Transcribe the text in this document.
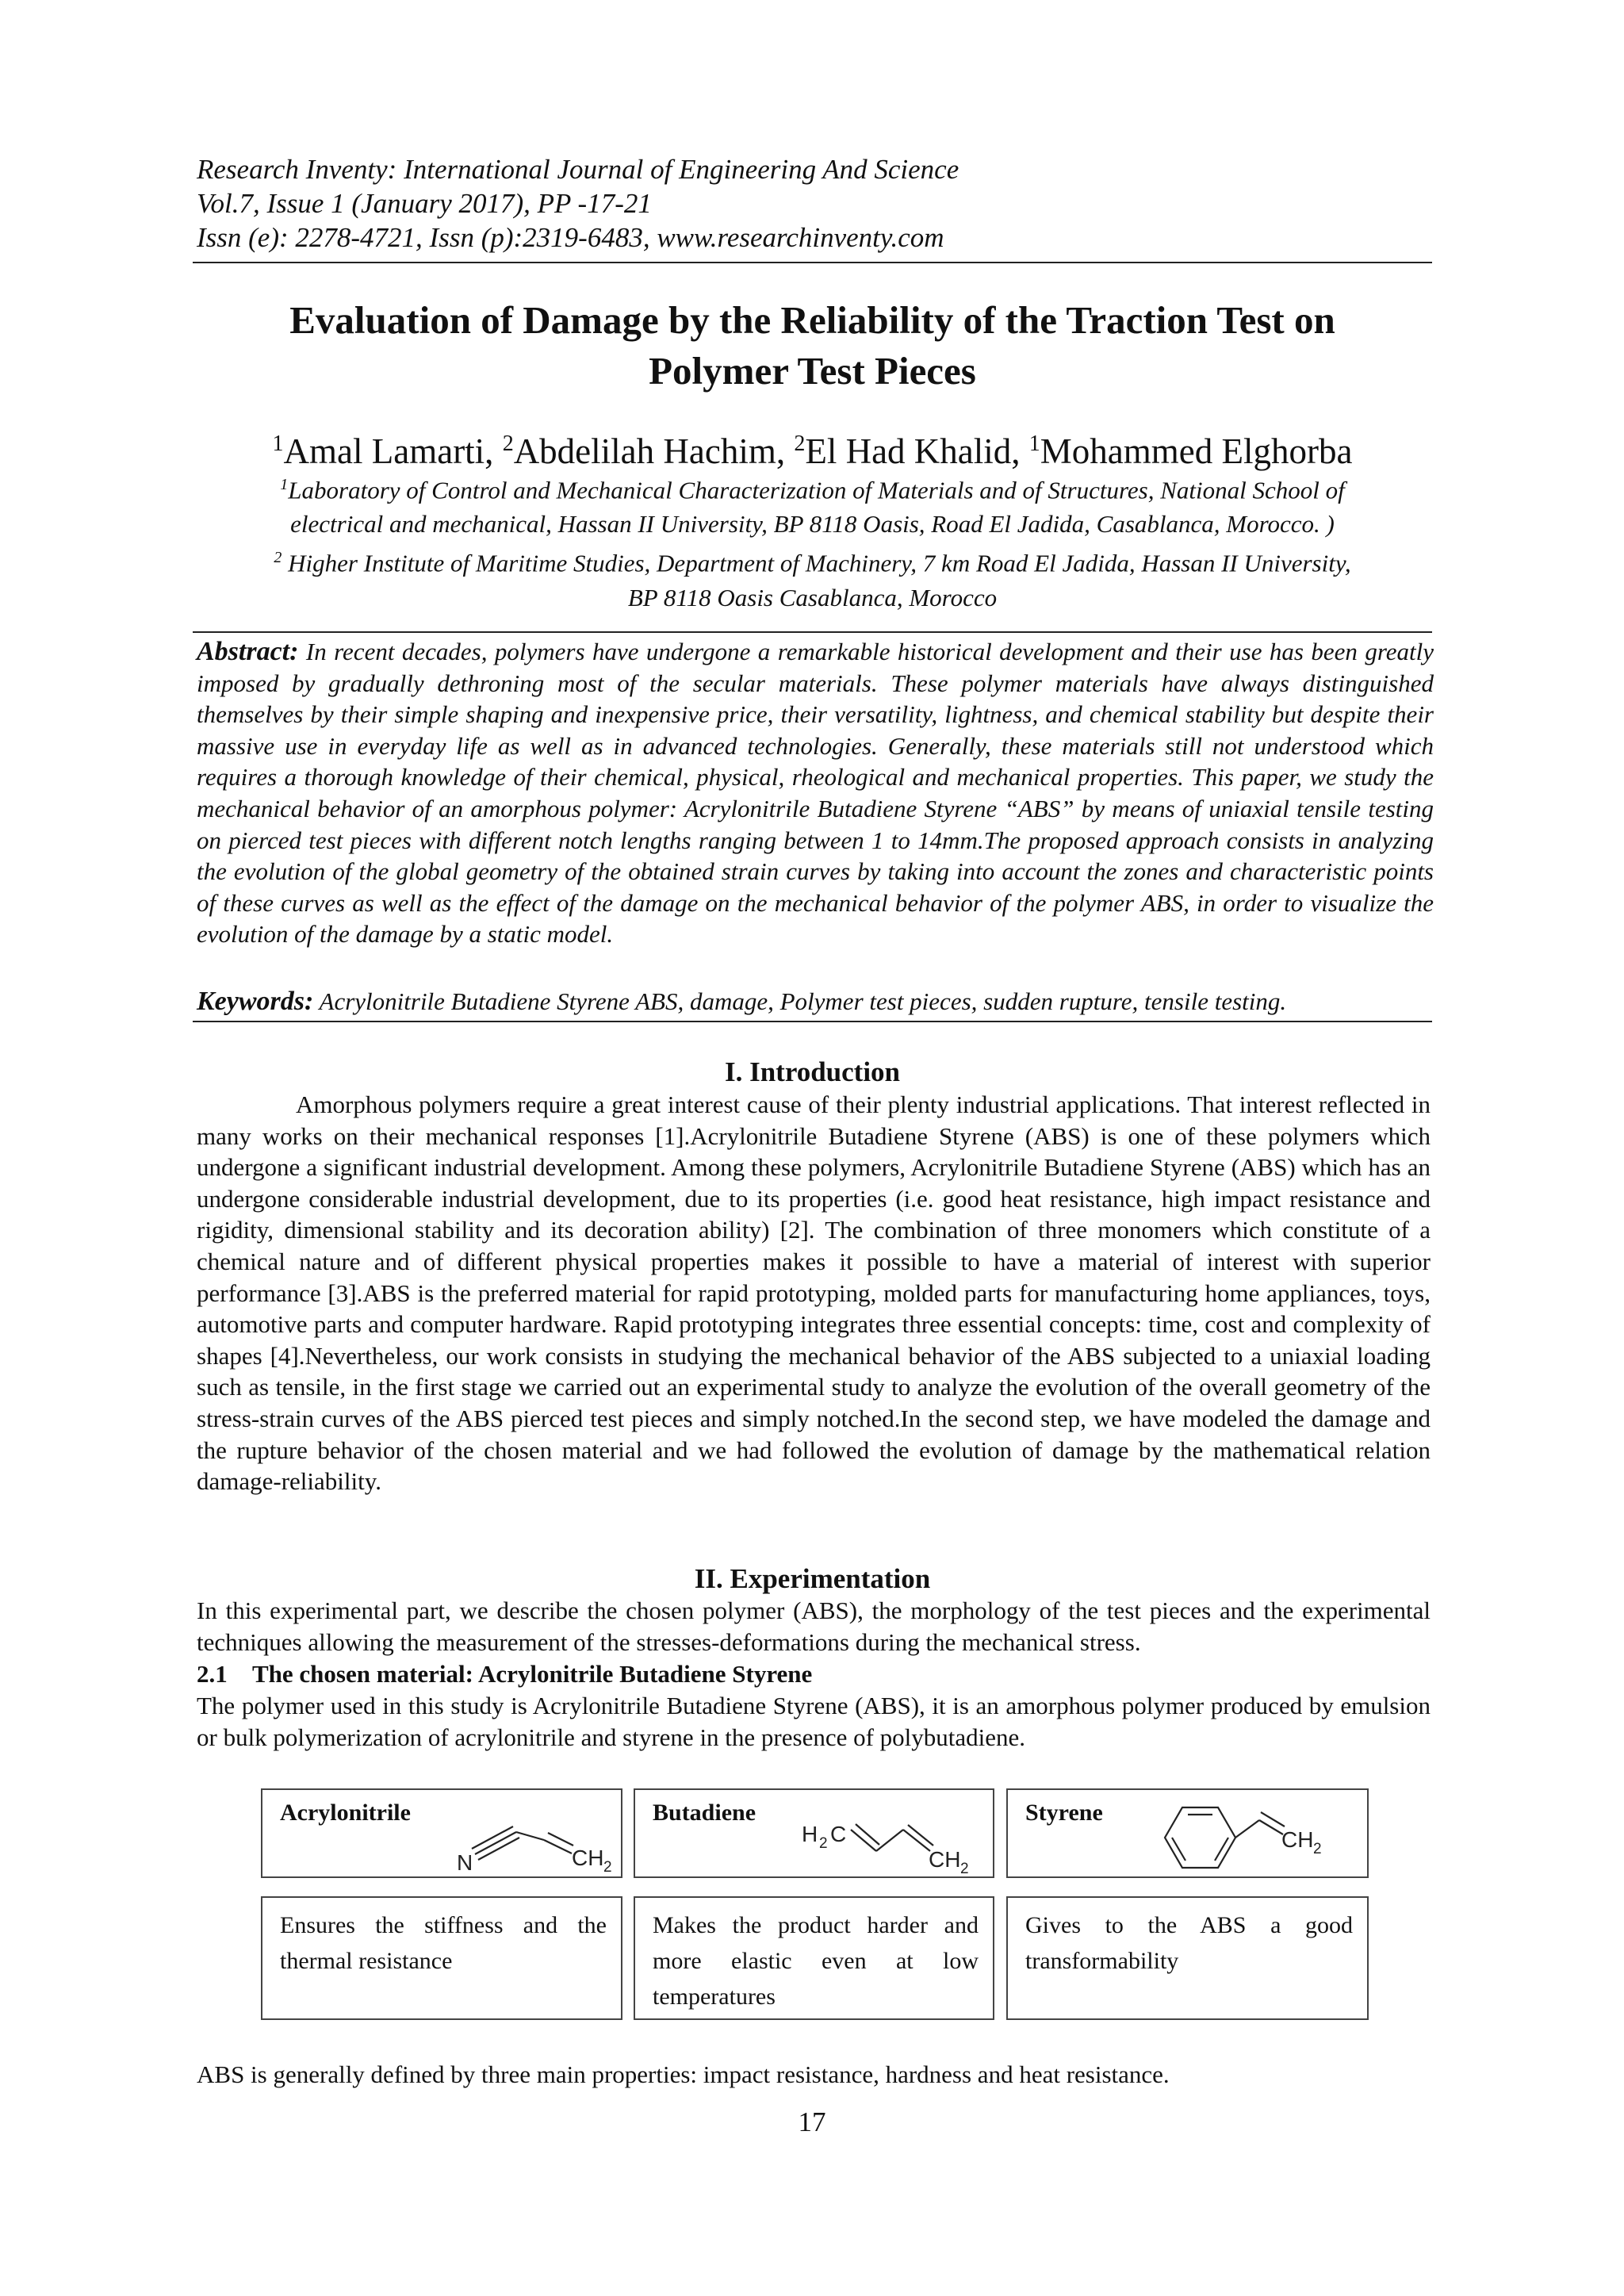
Research Inventy: International Journal of Engineering And Science
Vol.7, Issue 1 (January 2017), PP -17-21
Issn (e): 2278-4721, Issn (p):2319-6483, www.researchinventy.com
Evaluation of Damage by the Reliability of the Traction Test on
Polymer Test Pieces
$^1$Amal Lamarti, $^2$Abdelilah Hachim, $^2$El Had Khalid, $^1$Mohammed Elghorba
$^1$Laboratory of Control and Mechanical Characterization of Materials and of Structures, National School of
electrical and mechanical, Hassan II University, BP 8118 Oasis, Road El Jadida, Casablanca, Morocco. )
$^2$ Higher Institute of Maritime Studies, Department of Machinery, 7 km Road El Jadida, Hassan II University,
BP 8118 Oasis Casablanca, Morocco
Abstract: In recent decades, polymers have undergone a remarkable historical development and their use has been greatly imposed by gradually dethroning most of the secular materials. These polymer materials have always distinguished themselves by their simple shaping and inexpensive price, their versatility, lightness, and chemical stability but despite their massive use in everyday life as well as in advanced technologies. Generally, these materials still not understood which requires a thorough knowledge of their chemical, physical, rheological and mechanical properties. This paper, we study the mechanical behavior of an amorphous polymer: Acrylonitrile Butadiene Styrene “ABS” by means of uniaxial tensile testing on pierced test pieces with different notch lengths ranging between 1 to 14mm.The proposed approach consists in analyzing the evolution of the global geometry of the obtained strain curves by taking into account the zones and characteristic points of these curves as well as the effect of the damage on the mechanical behavior of the polymer ABS, in order to visualize the evolution of the damage by a static model.
Keywords: Acrylonitrile Butadiene Styrene ABS, damage, Polymer test pieces, sudden rupture, tensile testing.
I. Introduction
Amorphous polymers require a great interest cause of their plenty industrial applications. That interest reflected in many works on their mechanical responses [1].Acrylonitrile Butadiene Styrene (ABS) is one of these polymers which undergone a significant industrial development. Among these polymers, Acrylonitrile Butadiene Styrene (ABS) which has an undergone considerable industrial development, due to its properties (i.e. good heat resistance, high impact resistance and rigidity, dimensional stability and its decoration ability) [2]. The combination of three monomers which constitute of a chemical nature and of different physical properties makes it possible to have a material of interest with superior performance [3].ABS is the preferred material for rapid prototyping, molded parts for manufacturing home appliances, toys, automotive parts and computer hardware. Rapid prototyping integrates three essential concepts: time, cost and complexity of shapes [4].Nevertheless, our work consists in studying the mechanical behavior of the ABS subjected to a uniaxial loading such as tensile, in the first stage we carried out an experimental study to analyze the evolution of the overall geometry of the stress-strain curves of the ABS pierced test pieces and simply notched.In the second step, we have modeled the damage and the rupture behavior of the chosen material and we had followed the evolution of damage by the mathematical relation damage-reliability.
II. Experimentation
In this experimental part, we describe the chosen polymer (ABS), the morphology of the test pieces and the experimental techniques allowing the measurement of the stresses-deformations during the mechanical stress.
2.1 The chosen material: Acrylonitrile Butadiene Styrene
The polymer used in this study is Acrylonitrile Butadiene Styrene (ABS), it is an amorphous polymer produced by emulsion or bulk polymerization of acrylonitrile and styrene in the presence of polybutadiene.
Acrylonitrile
N	CH 2
Butadiene
H 2 C
CH 2
Styrene
CH 2
Ensures the stiffness and the thermal resistance
Makes the product harder and more elastic even at low temperatures
Gives to the ABS a good transformability
ABS is generally defined by three main properties: impact resistance, hardness and heat resistance.
17
